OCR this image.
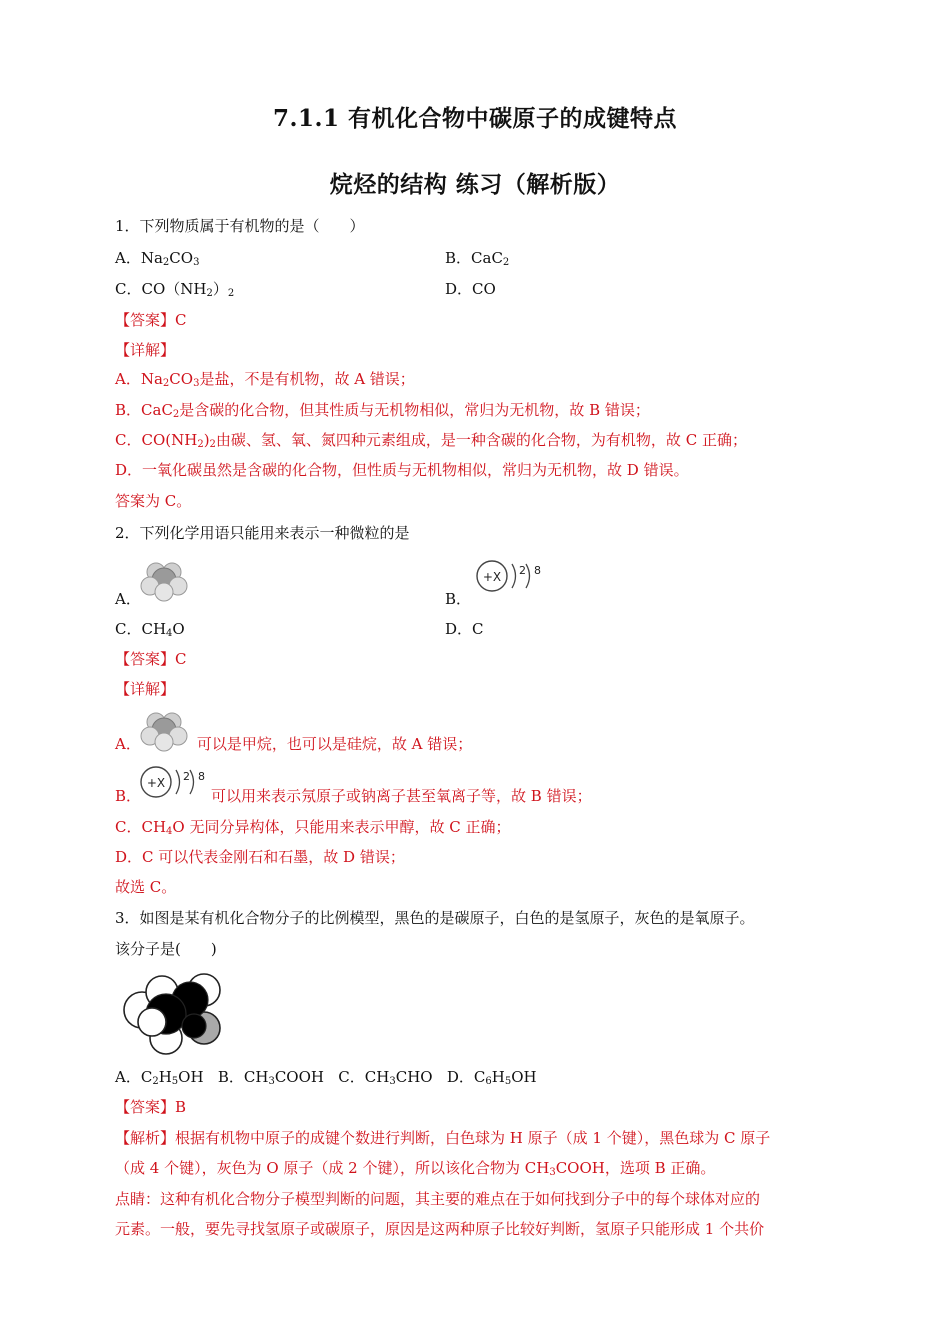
7.1.1 有机化合物中碳原子的成键特点
烷烃的结构 练习（解析版）
1．下列物质属于有机物的是（　　）
A．$Na_2CO_3$	B．CaC$_2$
C．$CO(NH_2)_2$	D．CO
【答案】C
【详解】
A．$Na_2CO_3$是盐，不是有机物，故 A 错误；
B．CaC$_2$是含碳的化合物，但其性质与无机物相似，常归为无机物，故 B 错误；
C．$CO(NH_2)_2$由碳、氢、氧、氮四种元素组成，是一种含碳的化合物，为有机物，故 C 正确；
D．一氧化碳虽然是含碳的化合物，但性质与无机物相似，常归为无机物，故 D 错误。
答案为 C。
2．下列化学用语只能用来表示一种微粒的是
A．	B．
+X 2 8
C．$CH_4O$	D．C
【答案】C
【详解】
A．	可以是甲烷，也可以是硅烷，故 A 错误；
B．	可以用来表示氖原子或钠离子甚至氧离子等，故 B 错误；
+X 2 8
C．$CH_4O$ 无同分异构体，只能用来表示甲醇，故 C 正确；
D．C 可以代表金刚石和石墨，故 D 错误；
故选 C。
3．如图是某有机化合物分子的比例模型，黑色的是碳原子，白色的是氢原子，灰色的是氧原子。
该分子是(　　)
A．$C_2H_5OH$ B．$CH_3COOH$ C．$CH_3CHO$ D．$C_6H_5OH$
【答案】B
【解析】根据有机物中原子的成键个数进行判断，白色球为 H 原子（成 1 个键），黑色球为 C 原子
（成 4 个键），灰色为 O 原子（成 2 个键），所以该化合物为 $CH_3COOH$，选项 B 正确。
点睛：这种有机化合物分子模型判断的问题，其主要的难点在于如何找到分子中的每个球体对应的
元素。一般，要先寻找氢原子或碳原子，原因是这两种原子比较好判断，氢原子只能形成 1 个共价
